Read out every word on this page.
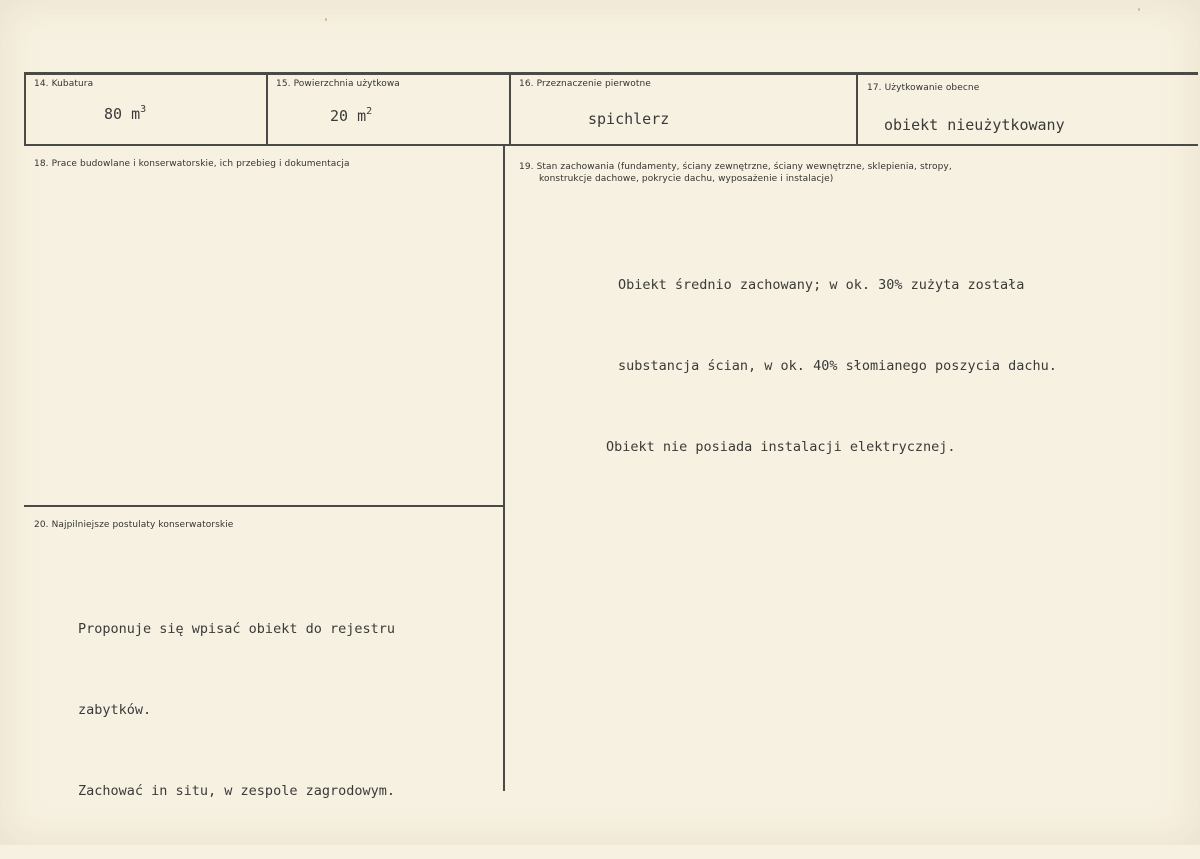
14. Kubatura
80 $m^3$
15. Powierzchnia użytkowa
20 $m^2$
16. Przeznaczenie pierwotne
spichlerz
17. Użytkowanie obecne
obiekt nieużytkowany
18. Prace budowlane i konserwatorskie, ich przebieg i dokumentacja	19. Stan zachowania (fundamenty, ściany zewnętrzne, ściany wewnętrzne, sklepienia, stropy,
konstrukcje dachowe, pokrycie dachu, wyposażenie i instalacje)

Obiekt średnio zachowany; w ok. 30% zużyta została

substancja ścian, w ok. 40% słomianego poszycia dachu.

Obiekt nie posiada instalacji elektrycznej.

20. Najpilniejsze postulaty konserwatorskie

Proponuje się wpisać obiekt do rejestru

zabytków.

Zachować in situ, w zespole zagrodowym.
